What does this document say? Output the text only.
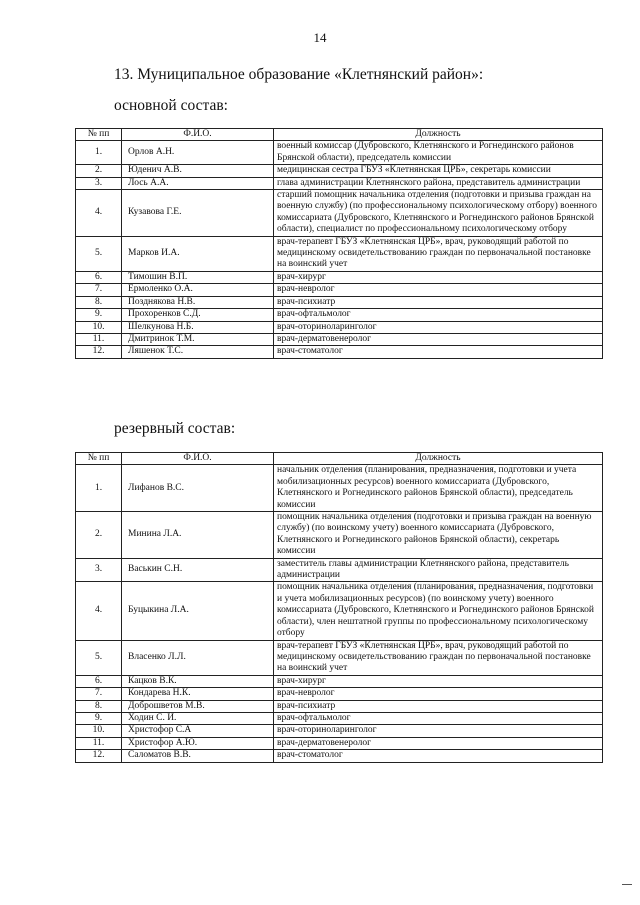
14
13. Муниципальное образование «Клетнянский район»:
основной состав:
№ пп	Ф.И.О.	Должность
1.	Орлов А.Н.	военный комиссар (Дубровского, Клетнянского и Рогнединского районов Брянской области), председатель комиссии
2.	Юденич А.В.	медицинская сестра ГБУЗ «Клетнянская ЦРБ», секретарь комиссии
3.	Лось А.А.	глава администрации Клетнянского района, представитель администрации
4.	Кузавова Г.Е.	старший помощник начальника отделения (подготовки и призыва граждан на военную службу) (по профессиональному психологическому отбору) военного комиссариата (Дубровского, Клетнянского и Рогнединского районов Брянской области), специалист по профессиональному психологическому отбору
5.	Марков И.А.	врач-терапевт ГБУЗ «Клетнянская ЦРБ», врач, руководящий работой по медицинскому освидетельствованию граждан по первоначальной постановке на воинский учет
6.	Тимошин В.П.	врач-хирург
7.	Ермоленко О.А.	врач-невролог
8.	Позднякова Н.В.	врач-психиатр
9.	Прохоренков С.Д.	врач-офтальмолог
10.	Шелкунова Н.Б.	врач-оториноларинголог
11.	Дмитринок Т.М.	врач-дерматовенеролог
12.	Ляшенок Т.С.	врач-стоматолог
резервный состав:
№ пп	Ф.И.О.	Должность
1.	Лифанов В.С.	начальник отделения (планирования, предназначения, подготовки и учета мобилизационных ресурсов) военного комиссариата (Дубровского, Клетнянского и Рогнединского районов Брянской области), председатель комиссии
2.	Минина Л.А.	помощник начальника отделения (подготовки и призыва граждан на военную службу) (по воинскому учету) военного комиссариата (Дубровского, Клетнянского и Рогнединского районов Брянской области), секретарь комиссии
3.	Васькин С.Н.	заместитель главы администрации Клетнянского района, представитель администрации
4.	Буцыкина Л.А.	помощник начальника отделения (планирования, предназначения, подготовки и учета мобилизационных ресурсов) (по воинскому учету) военного комиссариата (Дубровского, Клетнянского и Рогнединского районов Брянской области), член нештатной группы по профессиональному психологическому отбору
5.	Власенко Л.Л.	врач-терапевт ГБУЗ «Клетнянская ЦРБ», врач, руководящий работой по медицинскому освидетельствованию граждан по первоначальной постановке на воинский учет
6.	Кацков В.К.	врач-хирург
7.	Кондарева Н.К.	врач-невролог
8.	Доброшветов М.В.	врач-психиатр
9.	Ходин С. И.	врач-офтальмолог
10.	Христофор С.А	врач-оториноларинголог
11.	Христофор А.Ю.	врач-дерматовенеролог
12.	Саломатов В.В.	врач-стоматолог
